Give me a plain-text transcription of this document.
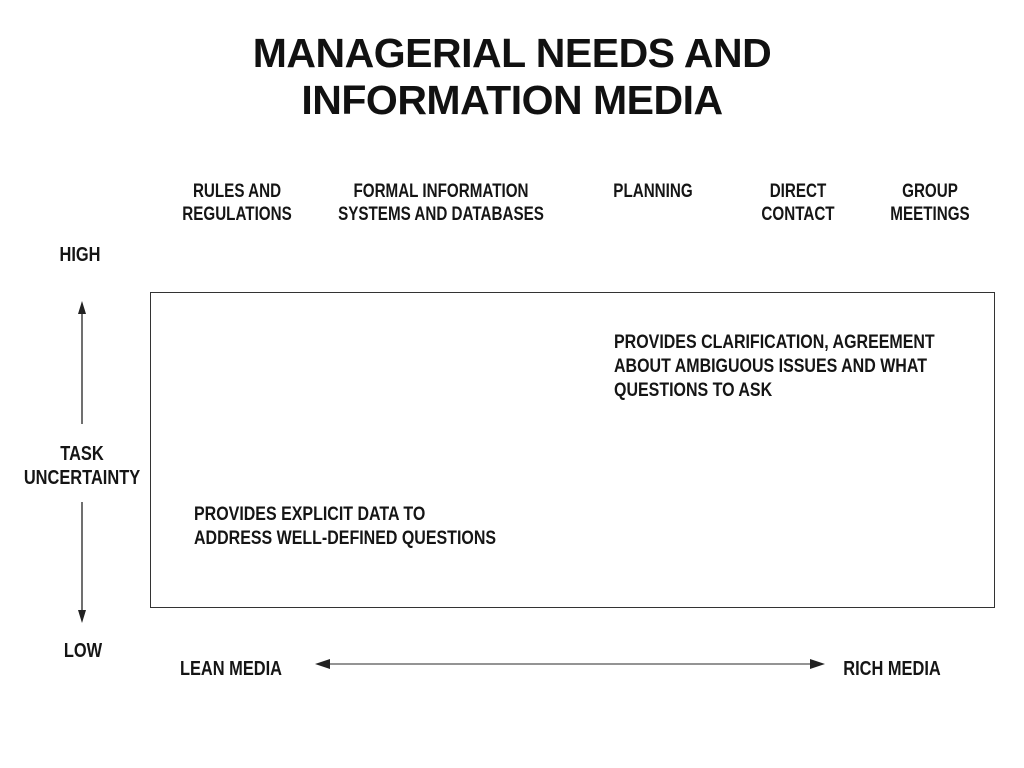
MANAGERIAL NEEDS AND
INFORMATION MEDIA
RULES AND
REGULATIONS
FORMAL INFORMATION
SYSTEMS AND DATABASES
PLANNING	DIRECT
CONTACT
GROUP
MEETINGS
HIGH
TASK
UNCERTAINTY
LOW
PROVIDES CLARIFICATION, AGREEMENT
ABOUT AMBIGUOUS ISSUES AND WHAT
QUESTIONS TO ASK
PROVIDES EXPLICIT DATA TO
ADDRESS WELL-DEFINED QUESTIONS
LEAN MEDIA	RICH MEDIA
